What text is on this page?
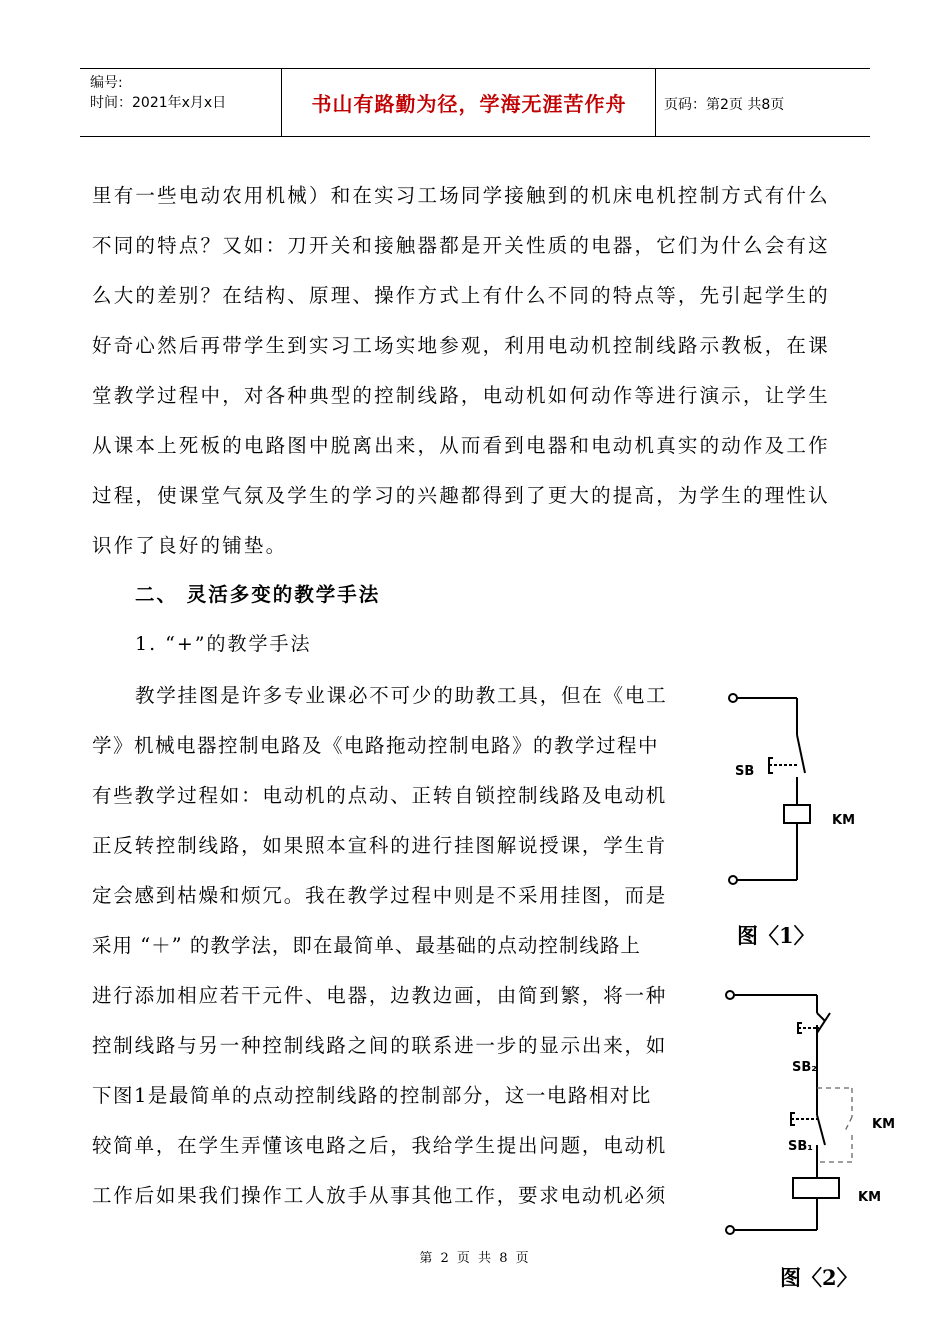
编号:
时间：2021年x月x日	书山有路勤为径，学海无涯苦作舟	页码：第2页 共8页
里有一些电动农用机械）和在实习工场同学接触到的机床电机控制方式有什么
不同的特点？又如：刀开关和接触器都是开关性质的电器，它们为什么会有这
么大的差别？在结构、原理、操作方式上有什么不同的特点等，先引起学生的
好奇心然后再带学生到实习工场实地参观，利用电动机控制线路示教板，在课
堂教学过程中，对各种典型的控制线路，电动机如何动作等进行演示，让学生
从课本上死板的电路图中脱离出来，从而看到电器和电动机真实的动作及工作
过程，使课堂气氛及学生的学习的兴趣都得到了更大的提高，为学生的理性认
识作了良好的铺垫。
二、 灵活多变的教学手法
1. “+”的教学手法
教学挂图是许多专业课必不可少的助教工具，但在《电工
学》机械电器控制电路及《电路拖动控制电路》的教学过程中
有些教学过程如：电动机的点动、正转自锁控制线路及电动机
正反转控制线路，如果照本宣科的进行挂图解说授课，学生肯
定会感到枯燥和烦冗。我在教学过程中则是不采用挂图，而是
采用 “＋” 的教学法，即在最简单、最基础的点动控制线路上
进行添加相应若干元件、电器，边教边画，由简到繁，将一种
控制线路与另一种控制线路之间的联系进一步的显示出来，如
下图1是最简单的点动控制线路的控制部分，这一电路相对比
较简单，在学生弄懂该电路之后，我给学生提出问题，电动机
工作后如果我们操作工人放手从事其他工作，要求电动机必须
SB
KM
图〈1〉
SB₂
SB₁
KM
KM
图〈2〉
第 2 页 共 8 页
